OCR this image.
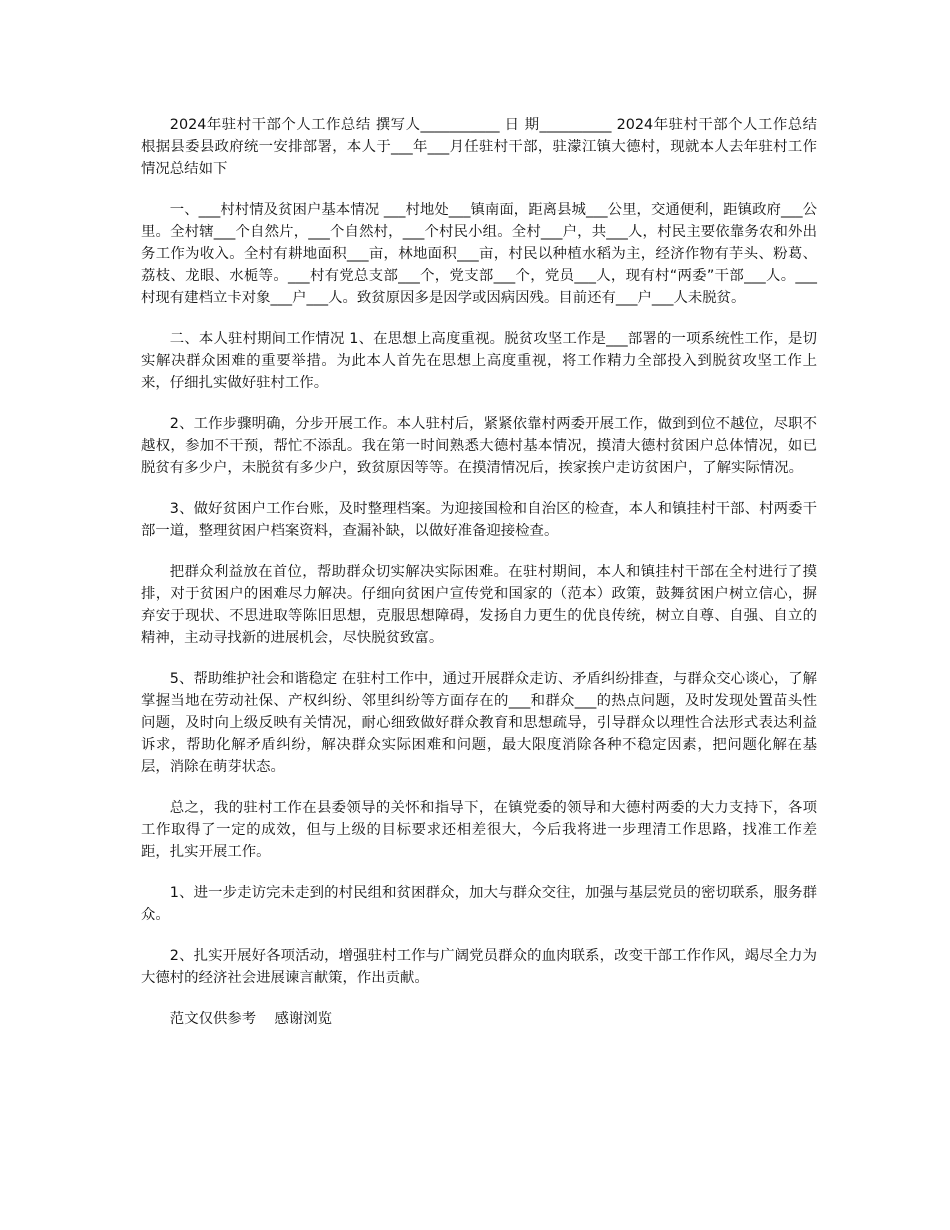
2024年驻村干部个人工作总结 撰写人___________ 日 期__________ 2024年驻村干部个人工作总结 根据县委县政府统一安排部署，本人于___年___月任驻村干部，驻濛江镇大德村，现就本人去年驻村工作情况总结如下

一、___村村情及贫困户基本情况 ___村地处___镇南面，距离县城___公里，交通便利，距镇政府___公里。全村辖___个自然片，___个自然村，___个村民小组。全村___户，共___人，村民主要依靠务农和外出务工作为收入。全村有耕地面积___亩，林地面积___亩，村民以种植水稻为主，经济作物有芋头、粉葛、荔枝、龙眼、水栀等。___村有党总支部___个，党支部___个，党员___人，现有村“两委”干部___人。___村现有建档立卡对象___户___人。致贫原因多是因学或因病因残。目前还有___户___人未脱贫。

二、本人驻村期间工作情况 1、在思想上高度重视。脱贫攻坚工作是___部署的一项系统性工作，是切实解决群众困难的重要举措。为此本人首先在思想上高度重视，将工作精力全部投入到脱贫攻坚工作上来，仔细扎实做好驻村工作。

2、工作步骤明确，分步开展工作。本人驻村后，紧紧依靠村两委开展工作，做到到位不越位，尽职不越权，参加不干预，帮忙不添乱。我在第一时间熟悉大德村基本情况，摸清大德村贫困户总体情况，如已脱贫有多少户，未脱贫有多少户，致贫原因等等。在摸清情况后，挨家挨户走访贫困户，了解实际情况。

3、做好贫困户工作台账，及时整理档案。为迎接国检和自治区的检查，本人和镇挂村干部、村两委干部一道，整理贫困户档案资料，查漏补缺，以做好准备迎接检查。

把群众利益放在首位，帮助群众切实解决实际困难。在驻村期间，本人和镇挂村干部在全村进行了摸排，对于贫困户的困难尽力解决。仔细向贫困户宣传党和国家的（范本）政策，鼓舞贫困户树立信心，摒弃安于现状、不思进取等陈旧思想，克服思想障碍，发扬自力更生的优良传统，树立自尊、自强、自立的精神，主动寻找新的进展机会，尽快脱贫致富。

5、帮助维护社会和谐稳定 在驻村工作中，通过开展群众走访、矛盾纠纷排查，与群众交心谈心，了解掌握当地在劳动社保、产权纠纷、邻里纠纷等方面存在的___和群众___的热点问题，及时发现处置苗头性问题，及时向上级反映有关情况，耐心细致做好群众教育和思想疏导，引导群众以理性合法形式表达利益诉求，帮助化解矛盾纠纷，解决群众实际困难和问题，最大限度消除各种不稳定因素，把问题化解在基层，消除在萌芽状态。

总之，我的驻村工作在县委领导的关怀和指导下，在镇党委的领导和大德村两委的大力支持下，各项工作取得了一定的成效，但与上级的目标要求还相差很大，今后我将进一步理清工作思路，找准工作差距，扎实开展工作。

1、进一步走访完未走到的村民组和贫困群众，加大与群众交往，加强与基层党员的密切联系，服务群众。

2、扎实开展好各项活动，增强驻村工作与广阔党员群众的血肉联系，改变干部工作作风，竭尽全力为大德村的经济社会进展谏言献策，作出贡献。

范文仅供参考    感谢浏览
